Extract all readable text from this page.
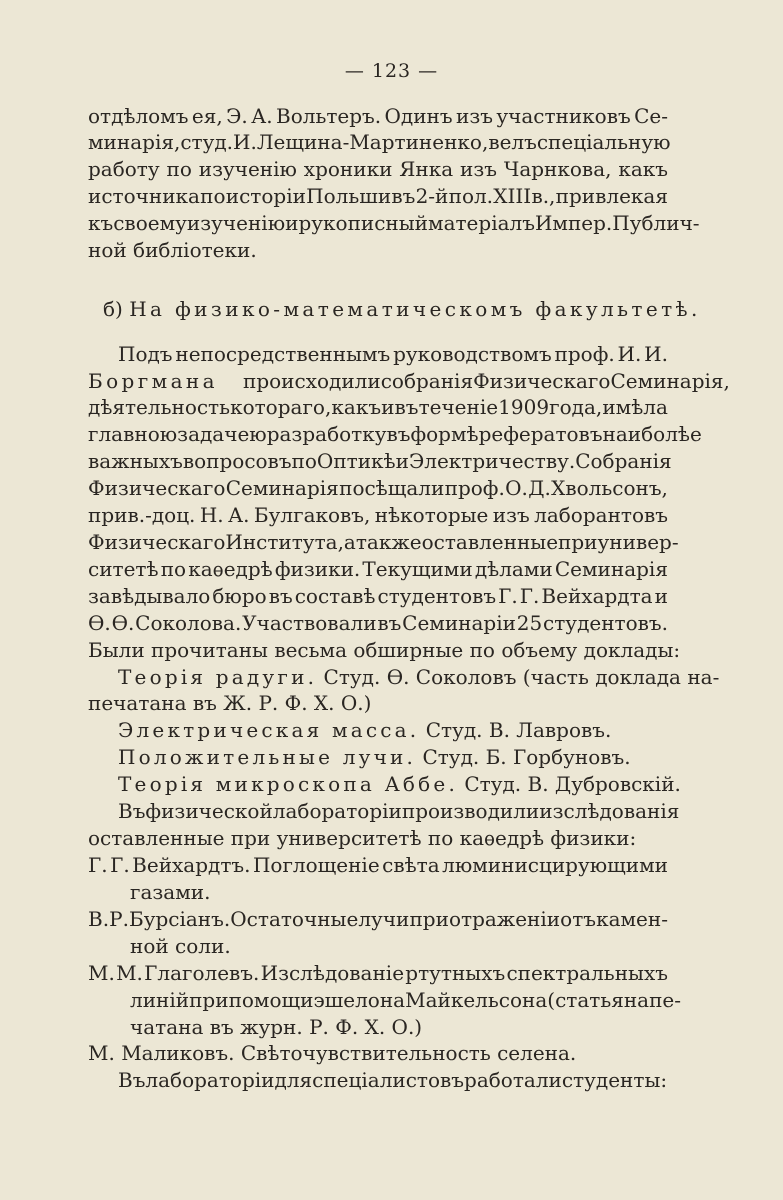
— 123 —
отдѣломъ ея, Э. А. Вольтеръ. Одинъ изъ участниковъ Се-
минарія, студ. И. Лещина-Мартиненко, велъ спеціальную
работу по изученію хроники Янка изъ Чарнкова, какъ
источника по исторіи Польши въ 2-й пол. XIII в., привлекая
къ своему изученію и рукописный матеріалъ Импер. Публич-
ной библіотеки.
б) На физико-математическомъ факультетѣ.
Подъ непосредственнымъ руководствомъ проф. И. И.
Боргмана происходили собранія Физическаго Семинарія,
дѣятельность котораго, какъ и въ теченіе 1909 года, имѣла
главною задачею разработку въ формѣ рефератовъ наиболѣе
важныхъ вопросовъ по Оптикѣ и Электричеству. Собранія
Физическаго Семинарія посѣщали проф. О. Д. Хвольсонъ,
прив.-доц. Н. А. Булгаковъ, нѣкоторые изъ лаборантовъ
Физическаго Института, а также оставленные при универ-
ситетѣ по каѳедрѣ физики. Текущими дѣлами Семинарія
завѣдывало бюро въ составѣ студентовъ Г. Г. Вейхардта и
Ѳ. Ѳ. Соколова. Участвовали въ Семинаріи 25 студентовъ.
Были прочитаны весьма обширные по объему доклады:
Теорія радуги. Студ. Ѳ. Соколовъ (часть доклада на-
печатана въ Ж. Р. Ф. Х. О.)
Электрическая масса. Студ. В. Лавровъ.
Положительные лучи. Студ. Б. Горбуновъ.
Теорія микроскопа Аббе. Студ. В. Дубровскій.
Въ физической лабораторіи производили изслѣдованія
оставленные при университетѣ по каѳедрѣ физики:
Г. Г. Вейхардтъ. Поглощеніе свѣта люминисцирующими
газами.
В. Р. Бурсіанъ. Остаточные лучи при отраженіи отъ камен-
ной соли.
М. М. Глаголевъ. Изслѣдованіе ртутныхъ спектральныхъ
линій при помощи эшелона Майкельсона (статья напе-
чатана въ журн. Р. Ф. Х. О.)
М. Маликовъ. Свѣточувствительность селена.
Въ лабораторіи для спеціалистовъ работали студенты:
